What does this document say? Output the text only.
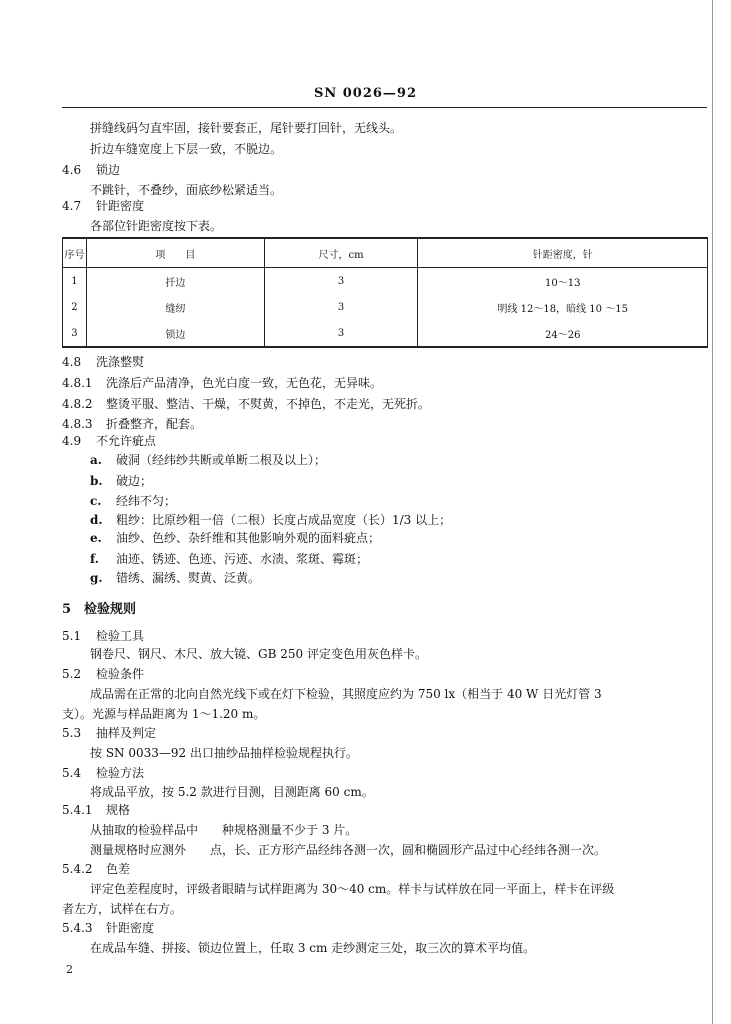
SN 0026—92
拼缝线码匀直牢固，接针要套正，尾针要打回针，无线头。
折边车缝宽度上下层一致，不脱边。
4.6 锁边
不跳针，不叠纱，面底纱松紧适当。
4.7 针距密度
各部位针距密度按下表。
序号	项　　目	尺寸，cm	针距密度，针
1	扦边	3	10～13
2	缝纫	3	明线 12～18，暗线 10 ～15
3	锁边	3	24～26
4.8 洗涤整熨
4.8.1 洗涤后产品清净，色光白度一致，无色花，无异味。
4.8.2 整烫平服、整洁、干燥，不熨黄，不掉色，不走光，无死折。
4.8.3 折叠整齐，配套。
4.9 不允许疵点
a. 破洞（经纬纱共断或单断二根及以上）；
b. 破边；
c. 经纬不匀；
d. 粗纱：比原纱粗一倍（二根）长度占成品宽度（长）1/3 以上；
e. 油纱、色纱、杂纤维和其他影响外观的面料疵点；
f. 油迹、锈迹、色迹、污迹、水渍、浆斑、霉斑；
g. 错绣、漏绣、熨黄、泛黄。
5 检验规则
5.1 检验工具
钢卷尺、钢尺、木尺、放大镜、GB 250 评定变色用灰色样卡。
5.2 检验条件
成品需在正常的北向自然光线下或在灯下检验，其照度应约为 750 lx（相当于 40 W 日光灯管 3
支）。光源与样品距离为 1～1.20 m。
5.3 抽样及判定
按 SN 0033—92 出口抽纱品抽样检验规程执行。
5.4 检验方法
将成品平放，按 5.2 款进行目测，目测距离 60 cm。
5.4.1 规格
从抽取的检验样品中　　种规格测量不少于 3 片。
测量规格时应测外　　点，长、正方形产品经纬各测一次，圆和椭圆形产品过中心经纬各测一次。
5.4.2 色差
评定色差程度时，评级者眼睛与试样距离为 30～40 cm。样卡与试样放在同一平面上，样卡在评级
者左方，试样在右方。
5.4.3 针距密度
在成品车缝、拼接、锁边位置上，任取 3 cm 走纱测定三处，取三次的算术平均值。
2
